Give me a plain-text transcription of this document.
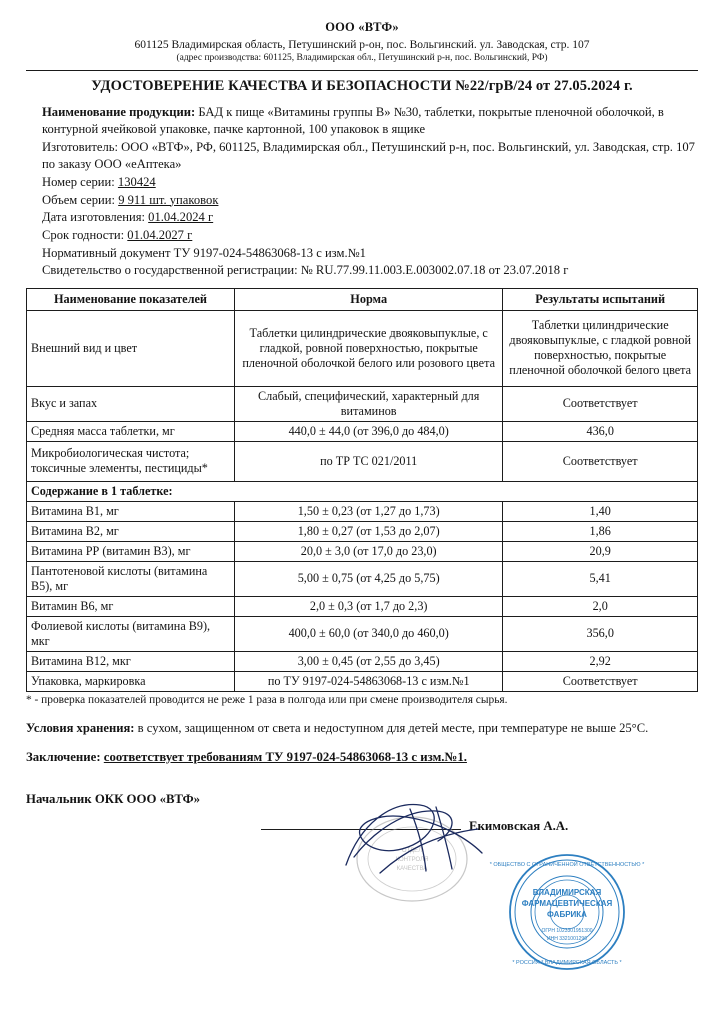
ООО «ВТФ»
601125 Владимирская область, Петушинский р-он, пос. Вольгинский. ул. Заводская, стр. 107
(адрес производства: 601125, Владимирская обл., Петушинский р-н, пос. Вольгинский, РФ)
УДОСТОВЕРЕНИЕ КАЧЕСТВА И БЕЗОПАСНОСТИ №22/грВ/24 от 27.05.2024 г.
Наименование продукции: БАД к пище «Витамины группы В» №30, таблетки, покрытые пленочной оболочкой, в контурной ячейковой упаковке, пачке картонной, 100 упаковок в ящике
Изготовитель: ООО «ВТФ», РФ, 601125, Владимирская обл., Петушинский р-н, пос. Вольгинский, ул. Заводская, стр. 107 по заказу ООО «еАптека»
Номер серии: 130424
Объем серии: 9 911 шт. упаковок
Дата изготовления: 01.04.2024 г
Срок годности: 01.04.2027 г
Нормативный документ ТУ 9197-024-54863068-13 с изм.№1
Свидетельство о государственной регистрации: № RU.77.99.11.003.Е.003002.07.18 от 23.07.2018 г
Наименование показателей	Норма	Результаты испытаний
Внешний вид и цвет	Таблетки цилиндрические двояковыпуклые, с гладкой, ровной поверхностью, покрытые пленочной оболочкой белого или розового цвета	Таблетки цилиндрические двояковыпуклые, с гладкой ровной поверхностью, покрытые пленочной оболочкой белого цвета
Вкус и запах	Слабый, специфический, характерный для витаминов	Соответствует
Средняя масса таблетки, мг	440,0 ± 44,0 (от 396,0 до 484,0)	436,0
Микробиологическая чистота; токсичные элементы, пестициды*	по ТР ТС 021/2011	Соответствует
Содержание в 1 таблетке:		
Витамина В1, мг	1,50 ± 0,23 (от 1,27 до 1,73)	1,40
Витамина В2, мг	1,80 ± 0,27 (от 1,53 до 2,07)	1,86
Витамина РР (витамин В3), мг	20,0 ± 3,0 (от 17,0 до 23,0)	20,9
Пантотеновой кислоты (витамина В5), мг	5,00 ± 0,75 (от 4,25 до 5,75)	5,41
Витамин В6, мг	2,0 ± 0,3 (от 1,7 до 2,3)	2,0
Фолиевой кислоты (витамина В9), мкг	400,0 ± 60,0 (от 340,0 до 460,0)	356,0
Витамина В12, мкг	3,00 ± 0,45 (от 2,55 до 3,45)	2,92
Упаковка, маркировка	по ТУ 9197-024-54863068-13 с изм.№1	Соответствует
* - проверка показателей проводится не реже 1 раза в полгода или при смене производителя сырья.
Условия хранения: в сухом, защищенном от света и недоступном для детей месте, при температуре не выше 25°С.
Заключение: соответствует требованиям ТУ 9197-024-54863068-13 с изм.№1.
Начальник ОКК ООО «ВТФ»
Екимовская А.А.
ОТДЕЛ
КОНТРОЛЯ
КАЧЕСТВА
* ОБЩЕСТВО С ОГРАНИЧЕННОЙ ОТВЕТСТВЕННОСТЬЮ *
ВЛАДИМИРСКАЯ
ФАРМАЦЕВТИЧЕСКАЯ
ФАБРИКА
ОГРН 1023301951300
ИНН 3321001296
* РОССИЯ * ВЛАДИМИРСКАЯ ОБЛАСТЬ *
